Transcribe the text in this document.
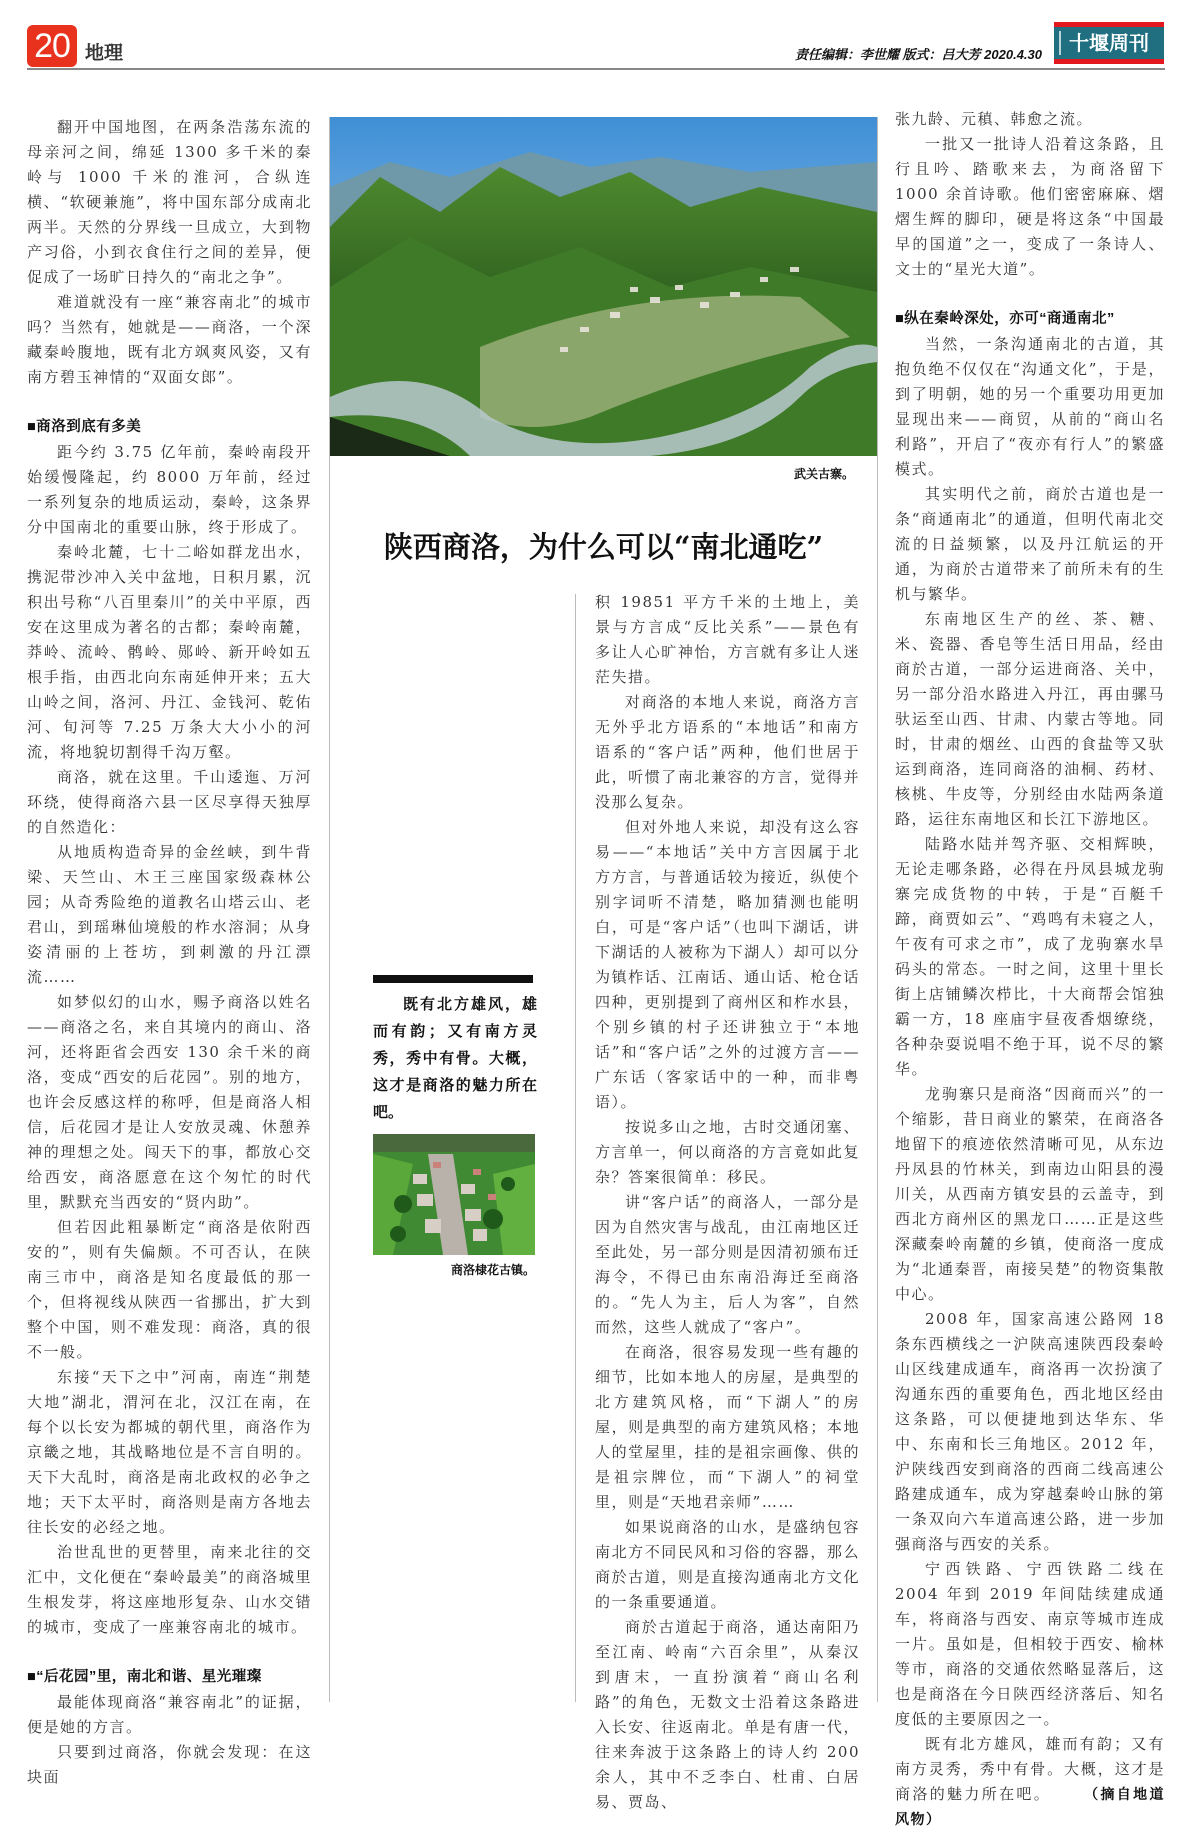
20 地理	责任编辑：李世耀 版式：吕大芳 2020.4.30	十堰周刊

翻开中国地图，在两条浩荡东流的母亲河之间，绵延 1300 多千米的秦岭与 1000 千米的淮河，合纵连横、“软硬兼施”，将中国东部分成南北两半。天然的分界线一旦成立，大到物产习俗，小到衣食住行之间的差异，便促成了一场旷日持久的“南北之争”。

难道就没有一座“兼容南北”的城市吗？当然有，她就是——商洛，一个深藏秦岭腹地，既有北方飒爽风姿，又有南方碧玉神情的“双面女郎”。

■商洛到底有多美

距今约 3.75 亿年前，秦岭南段开始缓慢隆起，约 8000 万年前，经过一系列复杂的地质运动，秦岭，这条界分中国南北的重要山脉，终于形成了。

秦岭北麓，七十二峪如群龙出水，携泥带沙冲入关中盆地，日积月累，沉积出号称“八百里秦川”的关中平原，西安在这里成为著名的古都；秦岭南麓，莽岭、流岭、鹘岭、郧岭、新开岭如五根手指，由西北向东南延伸开来；五大山岭之间，洛河、丹江、金钱河、乾佑河、旬河等 7.25 万条大大小小的河流，将地貌切割得千沟万壑。

商洛，就在这里。千山逶迤、万河环绕，使得商洛六县一区尽享得天独厚的自然造化：

从地质构造奇异的金丝峡，到牛背梁、天竺山、木王三座国家级森林公园；从奇秀险绝的道教名山塔云山、老君山，到瑶琳仙境般的柞水溶洞；从身姿清丽的上苍坊，到刺激的丹江漂流……

如梦似幻的山水，赐予商洛以姓名——商洛之名，来自其境内的商山、洛河，还将距省会西安 130 余千米的商洛，变成“西安的后花园”。别的地方，也许会反感这样的称呼，但是商洛人相信，后花园才是让人安放灵魂、休憩养神的理想之处。闯天下的事，都放心交给西安，商洛愿意在这个匆忙的时代里，默默充当西安的“贤内助”。

但若因此粗暴断定“商洛是依附西安的”，则有失偏颇。不可否认，在陕南三市中，商洛是知名度最低的那一个，但将视线从陕西一省挪出，扩大到整个中国，则不难发现：商洛，真的很不一般。

东接“天下之中”河南，南连“荆楚大地”湖北，渭河在北，汉江在南，在每个以长安为都城的朝代里，商洛作为京畿之地，其战略地位是不言自明的。天下大乱时，商洛是南北政权的必争之地；天下太平时，商洛则是南方各地去往长安的必经之地。

治世乱世的更替里，南来北往的交汇中，文化便在“秦岭最美”的商洛城里生根发芽，将这座地形复杂、山水交错的城市，变成了一座兼容南北的城市。

■“后花园”里，南北和谐、星光璀璨

最能体现商洛“兼容南北”的证据，便是她的方言。

只要到过商洛，你就会发现：在这块面

武关古寨。
陕西商洛，为什么可以“南北通吃”
既有北方雄风，雄而有韵；又有南方灵秀，秀中有骨。大概，这才是商洛的魅力所在吧。
商洛棣花古镇。

积 19851 平方千米的土地上，美景与方言成“反比关系”——景色有多让人心旷神怡，方言就有多让人迷茫失措。

对商洛的本地人来说，商洛方言无外乎北方语系的“本地话”和南方语系的“客户话”两种，他们世居于此，听惯了南北兼容的方言，觉得并没那么复杂。

但对外地人来说，却没有这么容易——“本地话”关中方言因属于北方方言，与普通话较为接近，纵使个别字词听不清楚，略加猜测也能明白，可是“客户话”（也叫下湖话，讲下湖话的人被称为下湖人）却可以分为镇柞话、江南话、通山话、枪仓话四种，更别提到了商州区和柞水县，个别乡镇的村子还讲独立于“本地话”和“客户话”之外的过渡方言——广东话（客家话中的一种，而非粤语）。

按说多山之地，古时交通闭塞、方言单一，何以商洛的方言竟如此复杂？答案很简单：移民。

讲“客户话”的商洛人，一部分是因为自然灾害与战乱，由江南地区迁至此处，另一部分则是因清初颁布迁海令，不得已由东南沿海迁至商洛的。“先人为主，后人为客”，自然而然，这些人就成了“客户”。

在商洛，很容易发现一些有趣的细节，比如本地人的房屋，是典型的北方建筑风格，而“下湖人”的房屋，则是典型的南方建筑风格；本地人的堂屋里，挂的是祖宗画像、供的是祖宗牌位，而“下湖人”的祠堂里，则是“天地君亲师”……

如果说商洛的山水，是盛纳包容南北方不同民风和习俗的容器，那么商於古道，则是直接沟通南北方文化的一条重要通道。

商於古道起于商洛，通达南阳乃至江南、岭南“六百余里”，从秦汉到唐末，一直扮演着“商山名利路”的角色，无数文士沿着这条路进入长安、往返南北。单是有唐一代，往来奔波于这条路上的诗人约 200 余人，其中不乏李白、杜甫、白居易、贾岛、

张九龄、元稹、韩愈之流。

一批又一批诗人沿着这条路，且行且吟、踏歌来去，为商洛留下 1000 余首诗歌。他们密密麻麻、熠熠生辉的脚印，硬是将这条“中国最早的国道”之一，变成了一条诗人、文士的“星光大道”。

■纵在秦岭深处，亦可“商通南北”

当然，一条沟通南北的古道，其抱负绝不仅仅在“沟通文化”，于是，到了明朝，她的另一个重要功用更加显现出来——商贸，从前的“商山名利路”，开启了“夜亦有行人”的繁盛模式。

其实明代之前，商於古道也是一条“商通南北”的通道，但明代南北交流的日益频繁，以及丹江航运的开通，为商於古道带来了前所未有的生机与繁华。

东南地区生产的丝、茶、糖、米、瓷器、香皂等生活日用品，经由商於古道，一部分运进商洛、关中，另一部分沿水路进入丹江，再由骡马驮运至山西、甘肃、内蒙古等地。同时，甘肃的烟丝、山西的食盐等又驮运到商洛，连同商洛的油桐、药材、核桃、牛皮等，分别经由水陆两条道路，运往东南地区和长江下游地区。

陆路水陆并驾齐驱、交相辉映，无论走哪条路，必得在丹凤县城龙驹寨完成货物的中转，于是“百艇千蹄，商贾如云”、“鸡鸣有未寝之人，午夜有可求之市”，成了龙驹寨水旱码头的常态。一时之间，这里十里长街上店铺鳞次栉比，十大商帮会馆独霸一方，18 座庙宇昼夜香烟缭绕，各种杂耍说唱不绝于耳，说不尽的繁华。

龙驹寨只是商洛“因商而兴”的一个缩影，昔日商业的繁荣，在商洛各地留下的痕迹依然清晰可见，从东边丹凤县的竹林关，到南边山阳县的漫川关，从西南方镇安县的云盖寺，到西北方商州区的黑龙口……正是这些深藏秦岭南麓的乡镇，使商洛一度成为“北通秦晋，南接吴楚”的物资集散中心。

2008 年，国家高速公路网 18 条东西横线之一沪陕高速陕西段秦岭山区线建成通车，商洛再一次扮演了沟通东西的重要角色，西北地区经由这条路，可以便捷地到达华东、华中、东南和长三角地区。2012 年，沪陕线西安到商洛的西商二线高速公路建成通车，成为穿越秦岭山脉的第一条双向六车道高速公路，进一步加强商洛与西安的关系。

宁西铁路、宁西铁路二线在 2004 年到 2019 年间陆续建成通车，将商洛与西安、南京等城市连成一片。虽如是，但相较于西安、榆林等市，商洛的交通依然略显落后，这也是商洛在今日陕西经济落后、知名度低的主要原因之一。

既有北方雄风，雄而有韵；又有南方灵秀，秀中有骨。大概，这才是商洛的魅力所在吧。	（摘自地道风物）
